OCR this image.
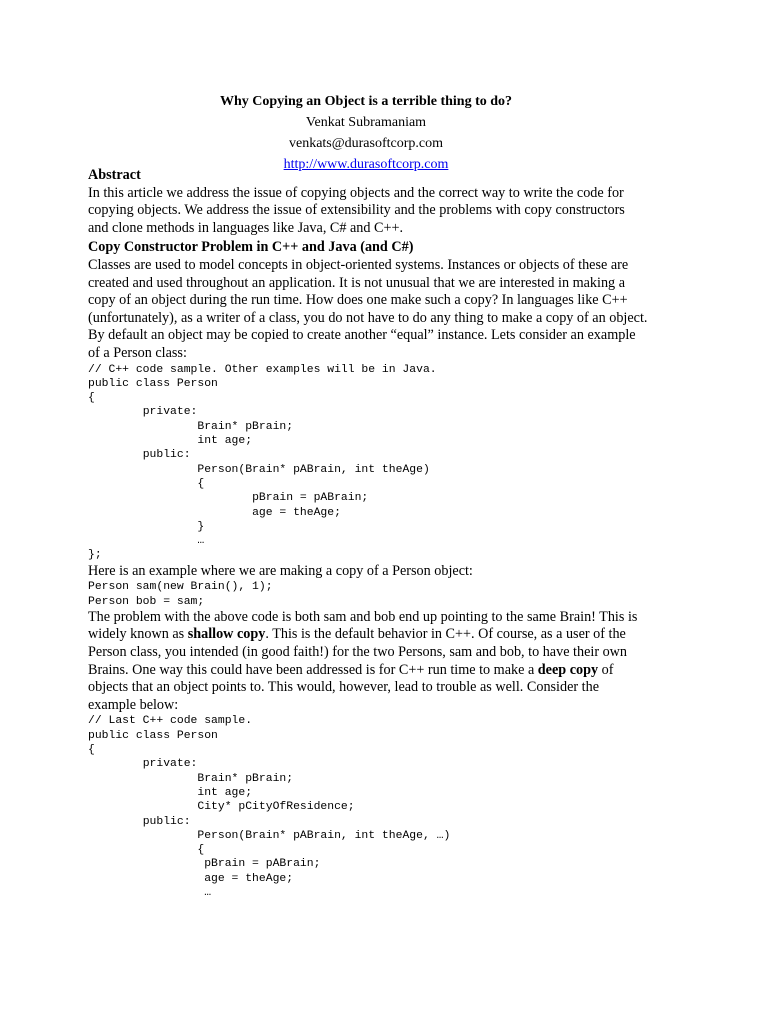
Why Copying an Object is a terrible thing to do?
Venkat Subramaniam
venkats@durasoftcorp.com
http://www.durasoftcorp.com
Abstract
In this article we address the issue of copying objects and the correct way to write the code for copying objects. We address the issue of extensibility and the problems with copy constructors and clone methods in languages like Java, C# and C++.
Copy Constructor Problem in C++ and Java (and C#)
Classes are used to model concepts in object-oriented systems. Instances or objects of these are created and used throughout an application. It is not unusual that we are interested in making a copy of an object during the run time. How does one make such a copy? In languages like C++ (unfortunately), as a writer of a class, you do not have to do any thing to make a copy of an object. By default an object may be copied to create another “equal” instance. Lets consider an example of a Person class:
// C++ code sample. Other examples will be in Java.
public class Person
{
	private:
		Brain* pBrain;
		int age;
	public:
		Person(Brain* pABrain, int theAge)
		{
			pBrain = pABrain;
			age = theAge;
		}
		…
};
Here is an example where we are making a copy of a Person object:
Person sam(new Brain(), 1);
Person bob = sam;
The problem with the above code is both sam and bob end up pointing to the same Brain! This is widely known as shallow copy. This is the default behavior in C++. Of course, as a user of the Person class, you intended (in good faith!) for the two Persons, sam and bob, to have their own Brains. One way this could have been addressed is for C++ run time to make a deep copy of objects that an object points to. This would, however, lead to trouble as well. Consider the example below:
// Last C++ code sample.
public class Person
{
	private:
		Brain* pBrain;
		int age;
		City* pCityOfResidence;
	public:
		Person(Brain* pABrain, int theAge, …)
		{
		pBrain = pABrain;
		age = theAge;
		…
